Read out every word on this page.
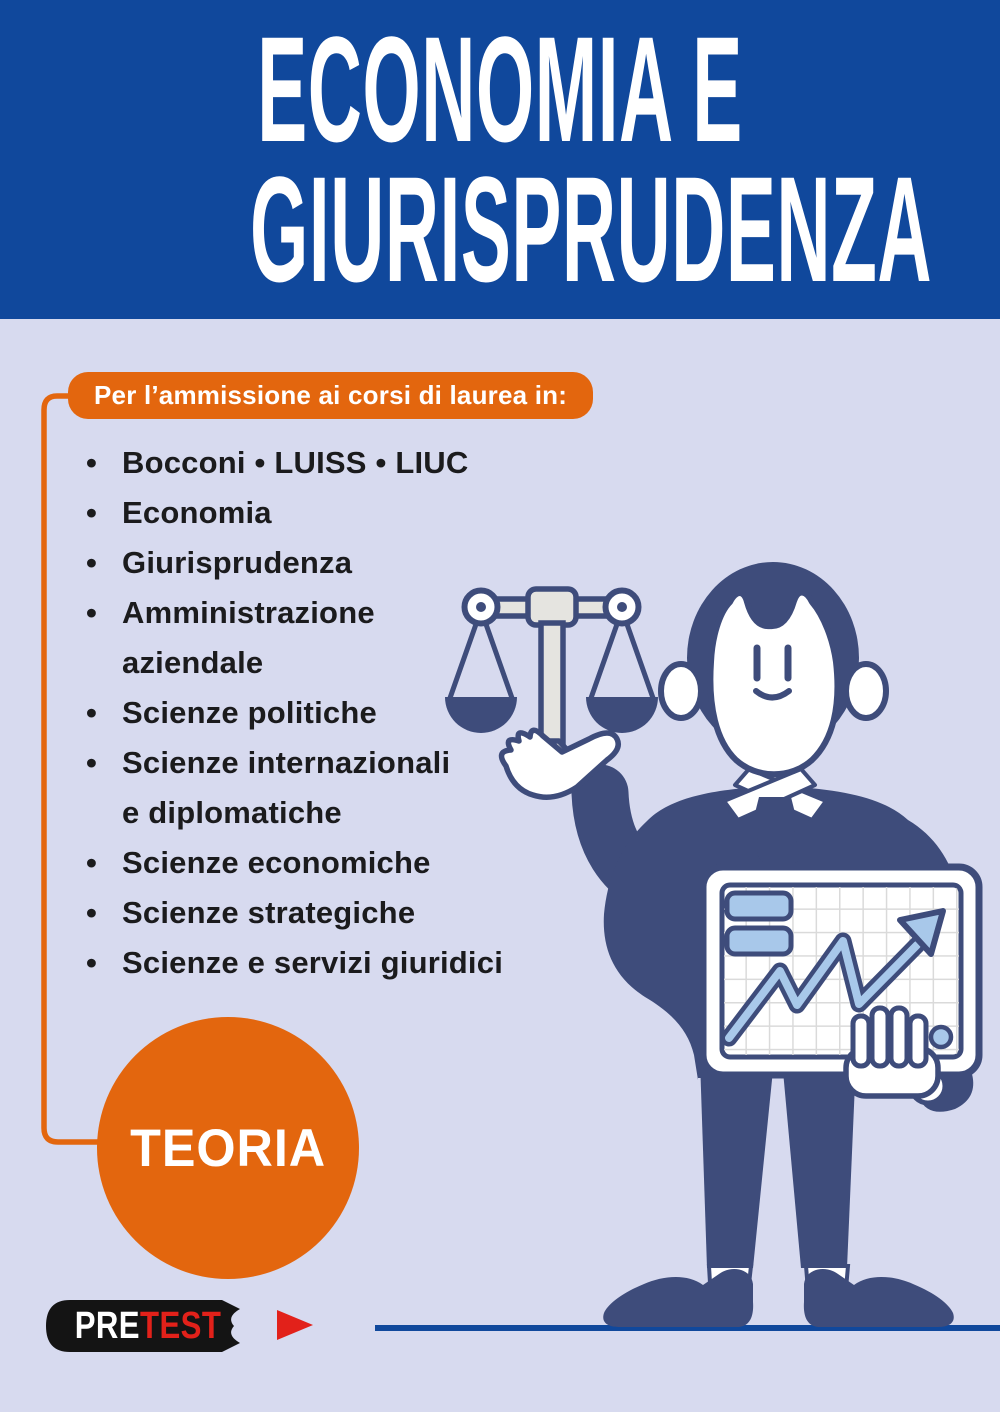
ECONOMIA E
GIURISPRUDENZA
Per l’ammissione ai corsi di laurea in:
• Bocconi • LUISS • LIUC
• Economia
• Giurisprudenza
• Amministrazione
aziendale
• Scienze politiche
• Scienze internazionali
e diplomatiche
• Scienze economiche
• Scienze strategiche
• Scienze e servizi giuridici
TEORIA
PRE TEST
